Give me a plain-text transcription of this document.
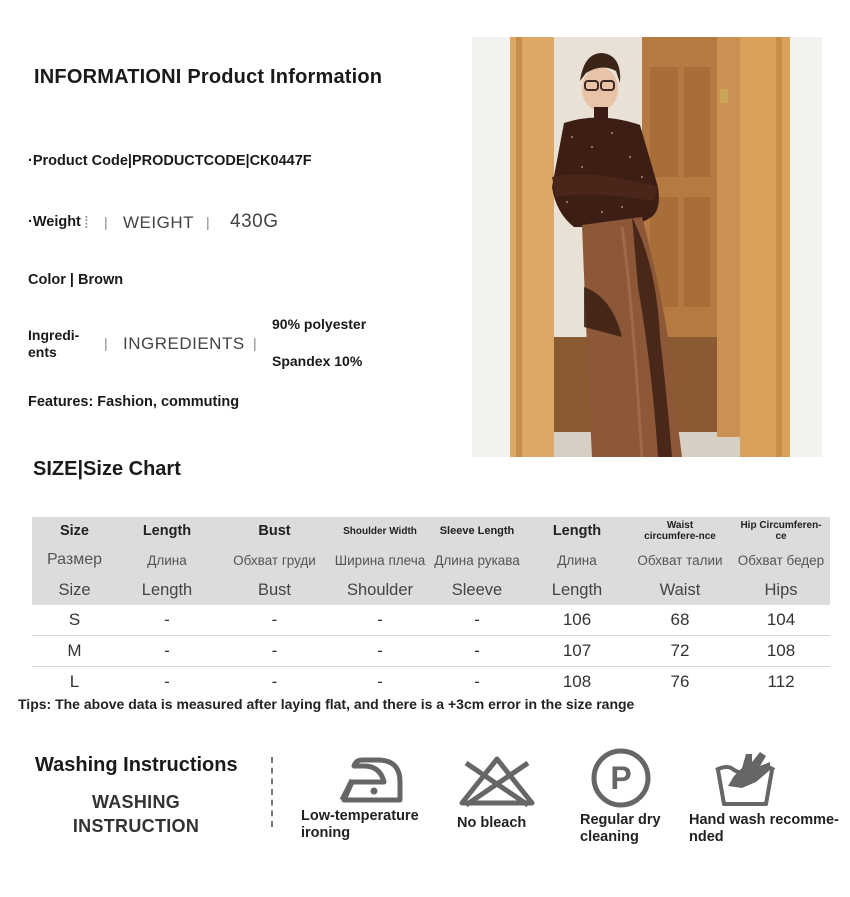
INFORMATIONI Product Information
·Product Code|PRODUCTCODE|CK0447F
·Weight ⁞ | WEIGHT | 430G
Color | Brown
Ingredi-
ents
| INGREDIENTS |
90% polyester
Spandex 10%
Features: Fashion, commuting
SIZE|Size Chart
Size	Length	Bust	Shoulder Width	Sleeve Length	Length	Waist circumfere-nce	Hip Circumferen-ce
Размер	Длина	Обхват груди	Ширина плеча	Длина рукава	Длина	Обхват талии	Обхват бедер
Size	Length	Bust	Shoulder	Sleeve	Length	Waist	Hips
S	-	-	-	-	106	68	104
M	-	-	-	-	107	72	108
L	-	-	-	-	108	76	112
Tips: The above data is measured after laying flat, and there is a +3cm error in the size range
Washing Instructions
WASHING
INSTRUCTION	Low-temperature
ironing
No bleach
P
Regular dry
cleaning
Hand wash recomme-
nded
